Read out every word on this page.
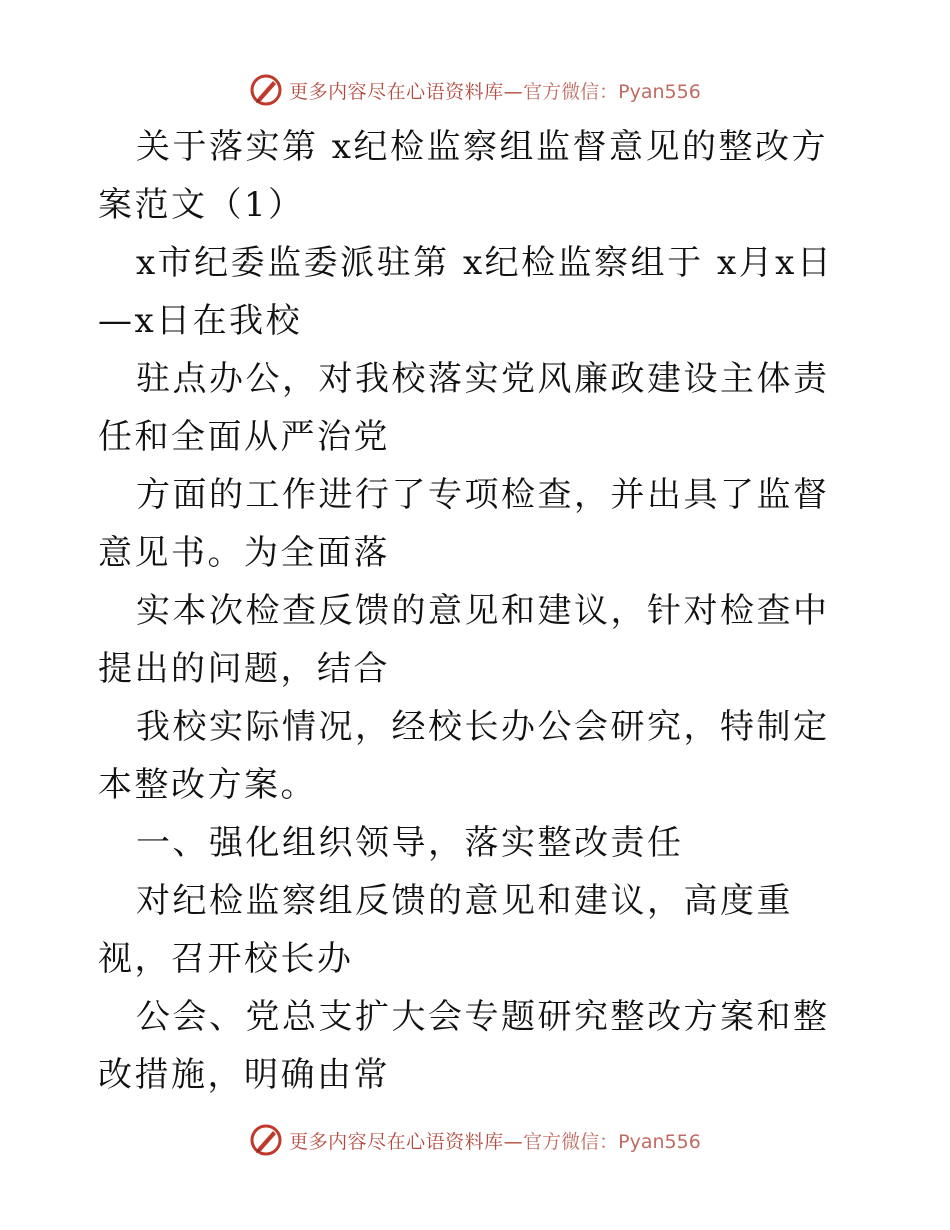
更多内容尽在心语资料库— 官方微信：Pyan556

关于落实第 x纪检监察组监督意见的整改方案范文（1）

x市纪委监委派驻第 x纪检监察组于 x月x日—x日在我校

驻点办公，对我校落实党风廉政建设主体责任和全面从严治党

方面的工作进行了专项检查，并出具了监督意见书。为全面落

实本次检查反馈的意见和建议，针对检查中提出的问题，结合

我校实际情况，经校长办公会研究，特制定本整改方案。

一、强化组织领导，落实整改责任

对纪检监察组反馈的意见和建议，高度重视，召开校长办

公会、党总支扩大会专题研究整改方案和整改措施，明确由常

更多内容尽在心语资料库— 官方微信：Pyan556
